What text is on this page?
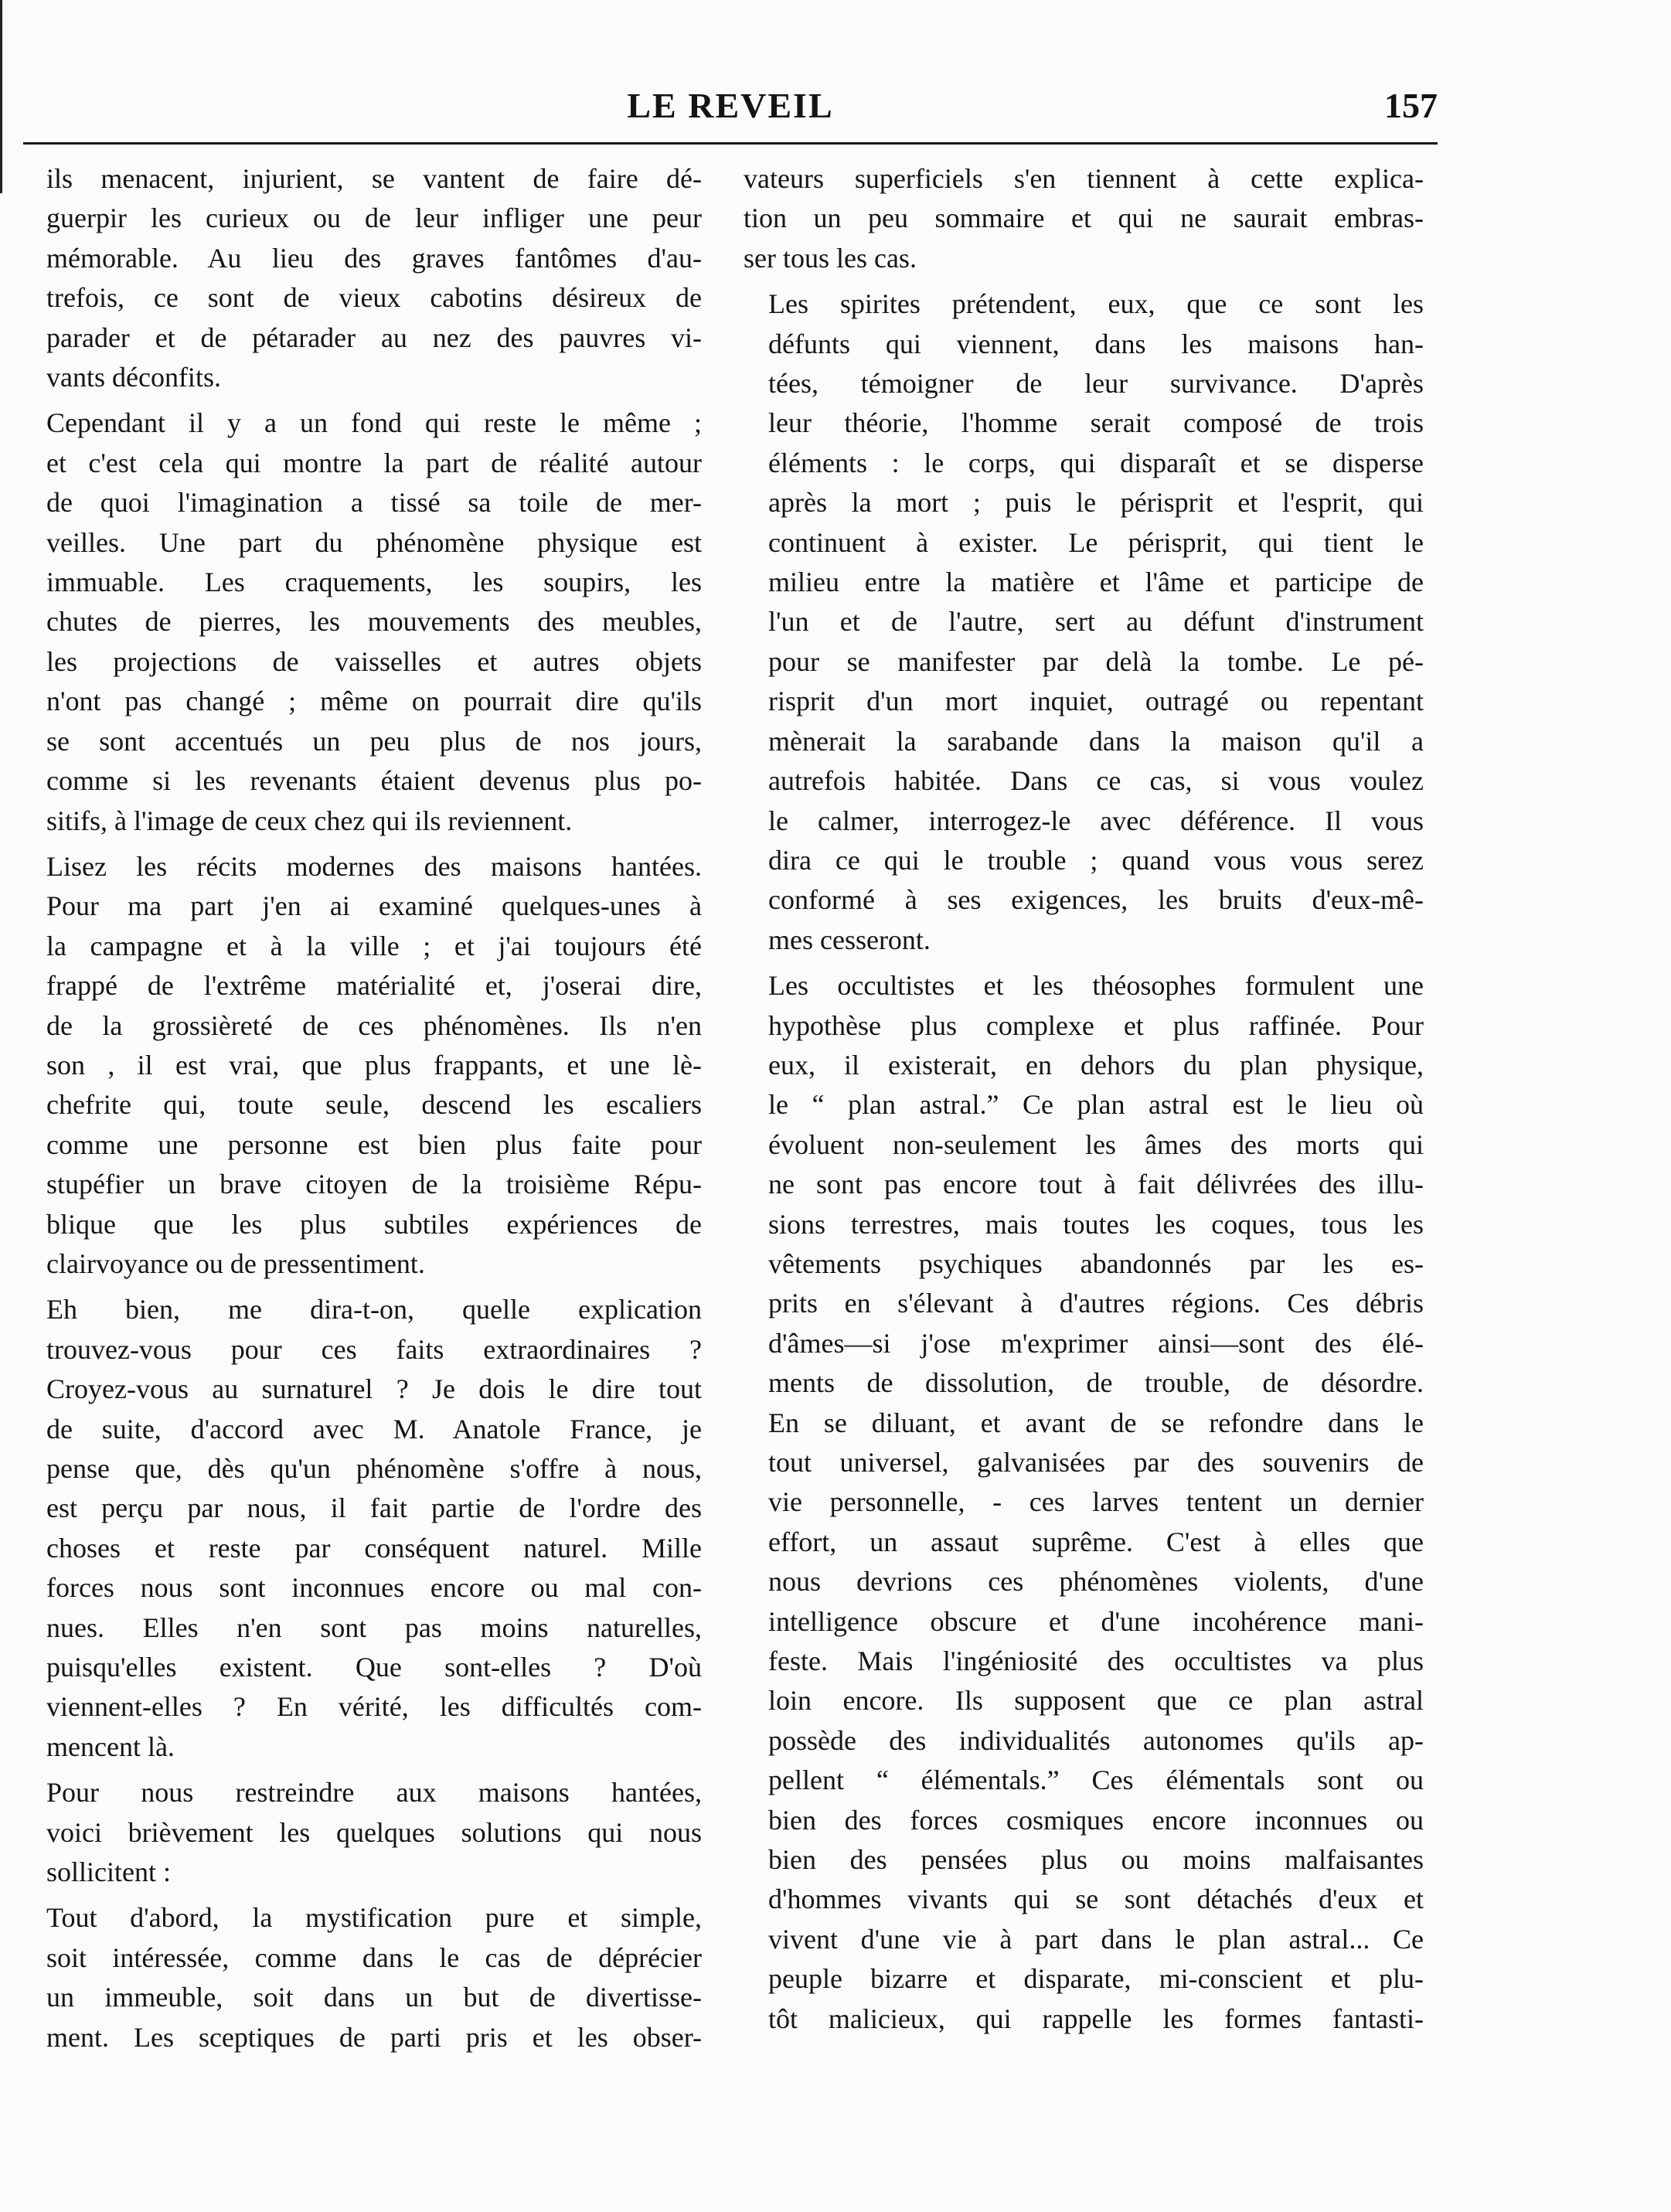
LE REVEIL	157

ils menacent, injurient, se vantent de faire dé-
guerpir les curieux ou de leur infliger une peur
mémorable. Au lieu des graves fantômes d'au-
trefois, ce sont de vieux cabotins désireux de
parader et de pétarader au nez des pauvres vi-
vants déconfits.

Cependant il y a un fond qui reste le même ;
et c'est cela qui montre la part de réalité autour
de quoi l'imagination a tissé sa toile de mer-
veilles. Une part du phénomène physique est
immuable. Les craquements, les soupirs, les
chutes de pierres, les mouvements des meubles,
les projections de vaisselles et autres objets
n'ont pas changé ; même on pourrait dire qu'ils
se sont accentués un peu plus de nos jours,
comme si les revenants étaient devenus plus po-
sitifs, à l'image de ceux chez qui ils reviennent.

Lisez les récits modernes des maisons hantées.
Pour ma part j'en ai examiné quelques-unes à
la campagne et à la ville ; et j'ai toujours été
frappé de l'extrême matérialité et, j'oserai dire,
de la grossièreté de ces phénomènes. Ils n'en
son , il est vrai, que plus frappants, et une lè-
chefrite qui, toute seule, descend les escaliers
comme une personne est bien plus faite pour
stupéfier un brave citoyen de la troisième Répu-
blique que les plus subtiles expériences de
clairvoyance ou de pressentiment.

Eh bien, me dira-t-on, quelle explication
trouvez-vous pour ces faits extraordinaires ?
Croyez-vous au surnaturel ? Je dois le dire tout
de suite, d'accord avec M. Anatole France, je
pense que, dès qu'un phénomène s'offre à nous,
est perçu par nous, il fait partie de l'ordre des
choses et reste par conséquent naturel. Mille
forces nous sont inconnues encore ou mal con-
nues. Elles n'en sont pas moins naturelles,
puisqu'elles existent. Que sont-elles ? D'où
viennent-elles ? En vérité, les difficultés com-
mencent là.

Pour nous restreindre aux maisons hantées,
voici brièvement les quelques solutions qui nous
sollicitent :

Tout d'abord, la mystification pure et simple,
soit intéressée, comme dans le cas de déprécier
un immeuble, soit dans un but de divertisse-
ment. Les sceptiques de parti pris et les obser-

vateurs superficiels s'en tiennent à cette explica-
tion un peu sommaire et qui ne saurait embras-
ser tous les cas.

Les spirites prétendent, eux, que ce sont les
défunts qui viennent, dans les maisons han-
tées, témoigner de leur survivance. D'après
leur théorie, l'homme serait composé de trois
éléments : le corps, qui disparaît et se disperse
après la mort ; puis le périsprit et l'esprit, qui
continuent à exister. Le périsprit, qui tient le
milieu entre la matière et l'âme et participe de
l'un et de l'autre, sert au défunt d'instrument
pour se manifester par delà la tombe. Le pé-
risprit d'un mort inquiet, outragé ou repentant
mènerait la sarabande dans la maison qu'il a
autrefois habitée. Dans ce cas, si vous voulez
le calmer, interrogez-le avec déférence. Il vous
dira ce qui le trouble ; quand vous vous serez
conformé à ses exigences, les bruits d'eux-mê-
mes cesseront.

Les occultistes et les théosophes formulent une
hypothèse plus complexe et plus raffinée. Pour
eux, il existerait, en dehors du plan physique,
le “ plan astral.” Ce plan astral est le lieu où
évoluent non-seulement les âmes des morts qui
ne sont pas encore tout à fait délivrées des illu-
sions terrestres, mais toutes les coques, tous les
vêtements psychiques abandonnés par les es-
prits en s'élevant à d'autres régions. Ces débris
d'âmes—si j'ose m'exprimer ainsi—sont des élé-
ments de dissolution, de trouble, de désordre.
En se diluant, et avant de se refondre dans le
tout universel, galvanisées par des souvenirs de
vie personnelle, - ces larves tentent un dernier
effort, un assaut suprême. C'est à elles que
nous devrions ces phénomènes violents, d'une
intelligence obscure et d'une incohérence mani-
feste. Mais l'ingéniosité des occultistes va plus
loin encore. Ils supposent que ce plan astral
possède des individualités autonomes qu'ils ap-
pellent “ élémentals.” Ces élémentals sont ou
bien des forces cosmiques encore inconnues ou
bien des pensées plus ou moins malfaisantes
d'hommes vivants qui se sont détachés d'eux et
vivent d'une vie à part dans le plan astral... Ce
peuple bizarre et disparate, mi-conscient et plu-
tôt malicieux, qui rappelle les formes fantasti-
